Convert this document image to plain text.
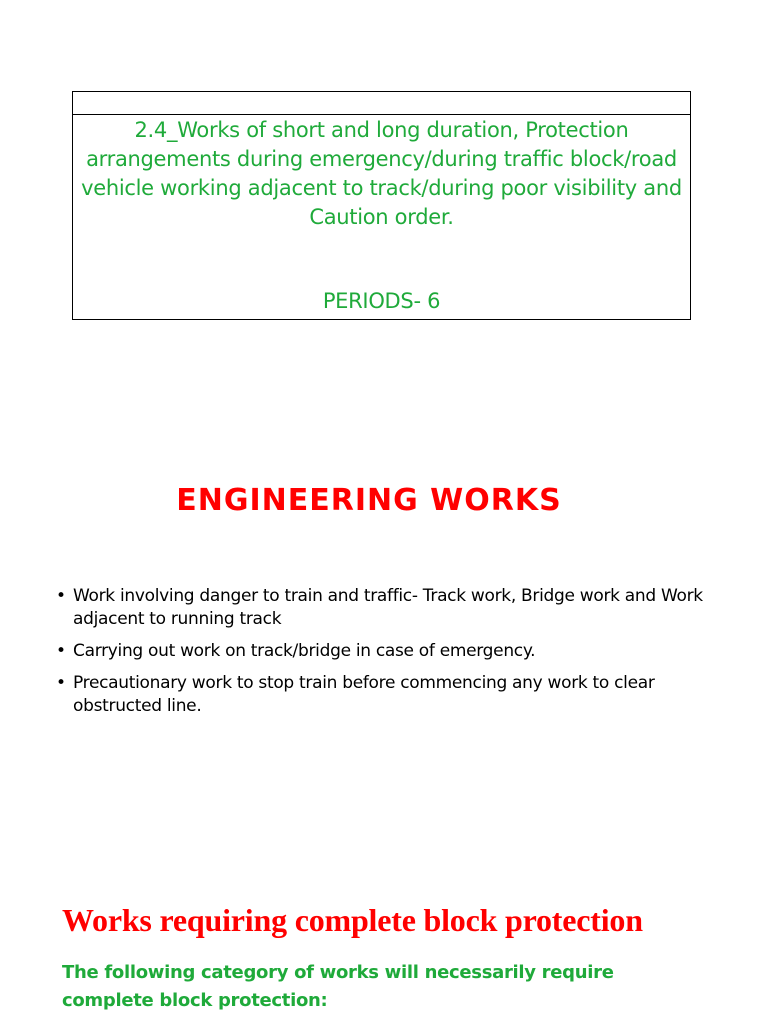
2.4_Works of short and long duration, Protection arrangements during emergency/during traffic block/road vehicle working adjacent to track/during poor visibility and Caution order.
PERIODS- 6
ENGINEERING WORKS
• Work involving danger to train and traffic- Track work, Bridge work and Work adjacent to running track
• Carrying out work on track/bridge in case of emergency.
• Precautionary work to stop train before commencing any work to clear obstructed line.
Works requiring complete block protection
The following category of works will necessarily require complete block protection:
